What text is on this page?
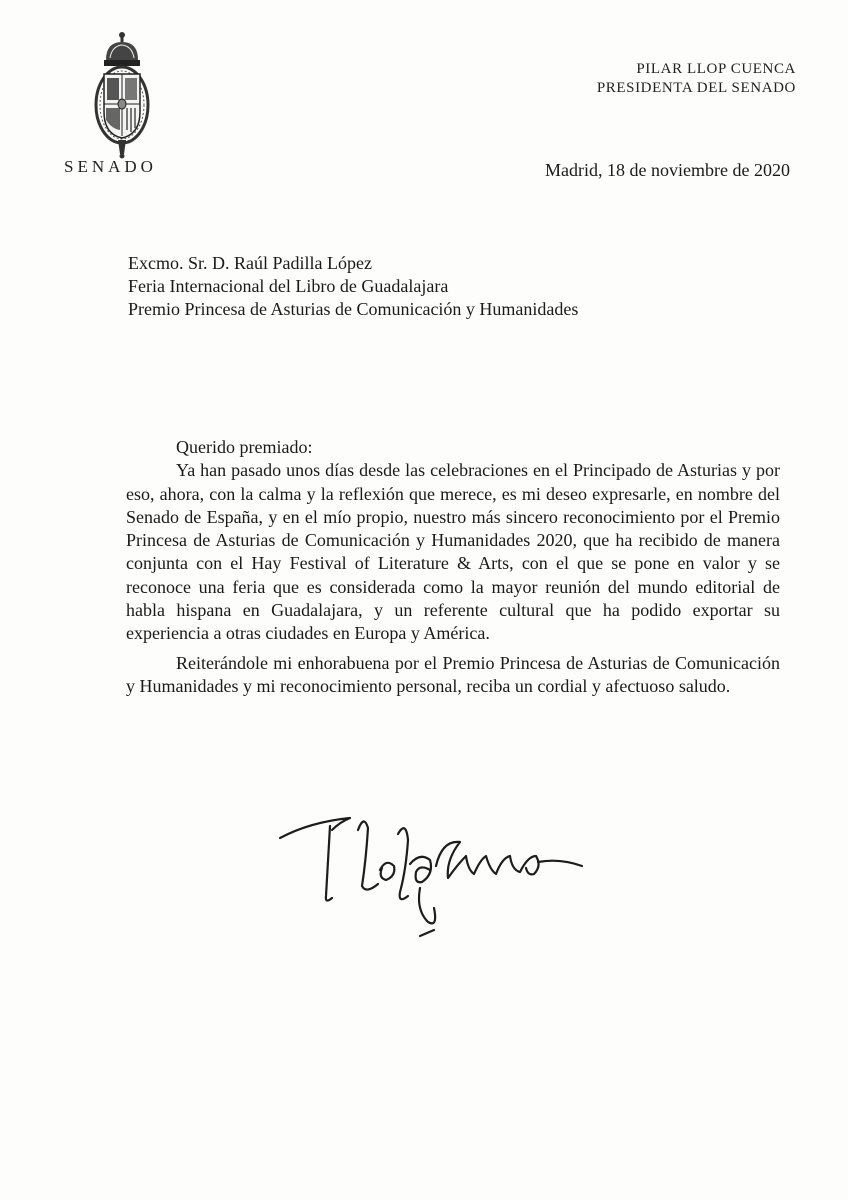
SENADO
PILAR LLOP CUENCA
PRESIDENTA DEL SENADO
Madrid, 18 de noviembre de 2020
Excmo. Sr. D. Raúl Padilla López
Feria Internacional del Libro de Guadalajara
Premio Princesa de Asturias de Comunicación y Humanidades
Querido premiado:

Ya han pasado unos días desde las celebraciones en el Principado de Asturias y por eso, ahora, con la calma y la reflexión que merece, es mi deseo expresarle, en nombre del Senado de España, y en el mío propio, nuestro más sincero reconocimiento por el Premio Princesa de Asturias de Comunicación y Humanidades 2020, que ha recibido de manera conjunta con el Hay Festival of Literature & Arts, con el que se pone en valor y se reconoce una feria que es considerada como la mayor reunión del mundo editorial de habla hispana en Guadalajara, y un referente cultural que ha podido exportar su experiencia a otras ciudades en Europa y América.

Reiterándole mi enhorabuena por el Premio Princesa de Asturias de Comunicación y Humanidades y mi reconocimiento personal, reciba un cordial y afectuoso saludo.
